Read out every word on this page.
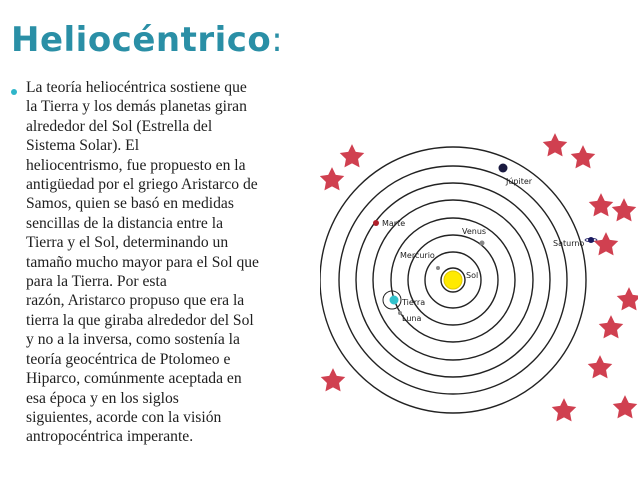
Heliocéntrico:

La teoría heliocéntrica sostiene que
la Tierra y los demás planetas giran
alrededor del Sol (Estrella del
Sistema Solar). El
heliocentrismo, fue propuesto en la
antigüedad por el griego Aristarco de
Samos, quien se basó en medidas
sencillas de la distancia entre la
Tierra y el Sol, determinando un
tamaño mucho mayor para el Sol que
para la Tierra. Por esta
razón, Aristarco propuso que era la
tierra la que giraba alrededor del Sol
y no a la inversa, como sostenía la
teoría geocéntrica de Ptolomeo e
Hiparco, comúnmente aceptada en
esa época y en los siglos
siguientes, acorde con la visión
antropocéntrica imperante.

Sol
Mercurio
Venus
Tierra
Luna
Marte
Júpiter
Saturno
